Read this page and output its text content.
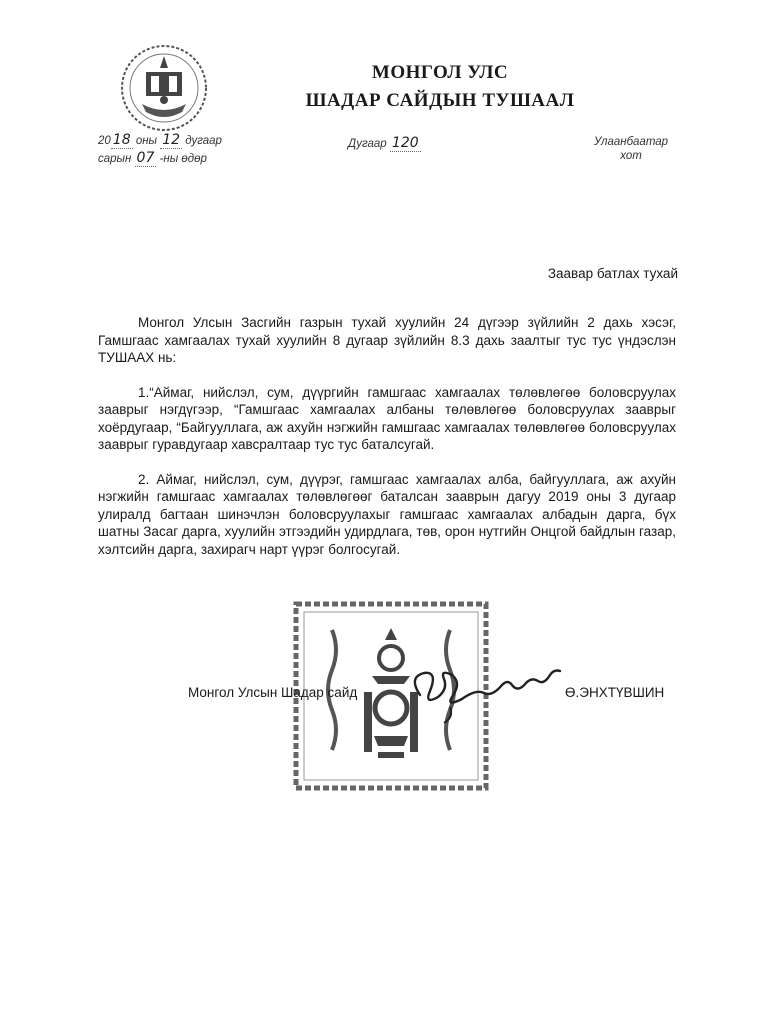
МОНГОЛ УЛС
ШАДАР САЙДЫН ТУШААЛ
20 18 оны 12 дугаар
сарын 07 -ны өдөр
Дугаар 120	Улаанбаатар
хот
Заавар батлах тухай

Монгол Улсын Засгийн газрын тухай хуулийн 24 дүгээр зүйлийн 2 дахь хэсэг, Гамшгаас хамгаалах тухай хуулийн 8 дугаар зүйлийн 8.3 дахь заалтыг тус тус үндэслэн ТУШААХ нь:

1.“Аймаг, нийслэл, сум, дүүргийн гамшгаас хамгаалах төлөвлөгөө боловсруулах зааврыг нэгдүгээр, “Гамшгаас хамгаалах албаны төлөвлөгөө боловсруулах зааврыг хоёрдугаар, “Байгууллага, аж ахуйн нэгжийн гамшгаас хамгаалах төлөвлөгөө боловсруулах зааврыг гуравдугаар хавсралтаар тус тус баталсугай.

2. Аймаг, нийслэл, сум, дүүрэг, гамшгаас хамгаалах алба, байгууллага, аж ахуйн нэгжийн гамшгаас хамгаалах төлөвлөгөөг баталсан зааврын дагуу 2019 оны 3 дугаар улиралд багтаан шинэчлэн боловсруулахыг гамшгаас хамгаалах албадын дарга, бүх шатны Засаг дарга, хуулийн этгээдийн удирдлага, төв, орон нутгийн Онцгой байдлын газар, хэлтсийн дарга, захирагч нарт үүрэг болгосугай.

Монгол Улсын Шадар сайд	Ө.ЭНХТҮВШИН
